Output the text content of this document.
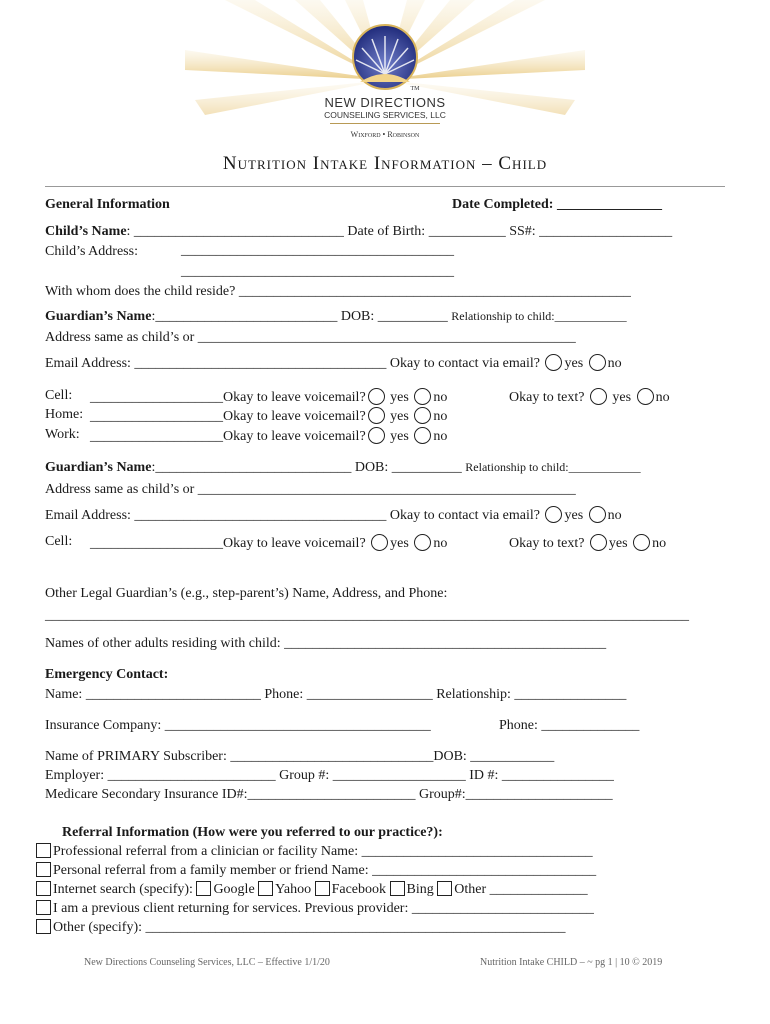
TM
NEW DIRECTIONS
COUNSELING SERVICES, LLC
Wixford • Robinson
Nutrition Intake Information – Child
General Information	Date Completed: _______________
Child’s Name: ______________________________ Date of Birth: ___________ SS#: ___________________
Child’s Address:	_______________________________________
_______________________________________
With whom does the child reside? ________________________________________________________
Guardian’s Name:__________________________ DOB: __________ Relationship to child:____________
Address same as child’s or ______________________________________________________
Email Address: ____________________________________ Okay to contact via email? yes no
Cell: ___________________Okay to leave voicemail? yes no	Okay to text? yes no
Home: ___________________Okay to leave voicemail? yes no
Work: ___________________Okay to leave voicemail? yes no
Guardian’s Name:____________________________ DOB: __________ Relationship to child:____________
Address same as child’s or ______________________________________________________
Email Address: ____________________________________ Okay to contact via email? yes no
Cell: ___________________Okay to leave voicemail? yes no	Okay to text? yes no
Other Legal Guardian’s (e.g., step-parent’s) Name, Address, and Phone:
____________________________________________________________________________________________
Names of other adults residing with child: ______________________________________________
Emergency Contact:
Name: _________________________ Phone: __________________ Relationship: ________________
Insurance Company: ______________________________________	Phone: ______________
Name of PRIMARY Subscriber: _____________________________DOB: ____________
Employer: ________________________ Group #: ___________________ ID #: ________________
Medicare Secondary Insurance ID#:________________________ Group#:_____________________
Referral Information (How were you referred to our practice?):
Professional referral from a clinician or facility Name: _________________________________
Personal referral from a family member or friend Name: ________________________________
Internet search (specify): Google Yahoo Facebook Bing Other ______________
I am a previous client returning for services. Previous provider: __________________________
Other (specify): ____________________________________________________________
New Directions Counseling Services, LLC – Effective 1/1/20	Nutrition Intake CHILD – ~ pg 1 | 10 © 2019
